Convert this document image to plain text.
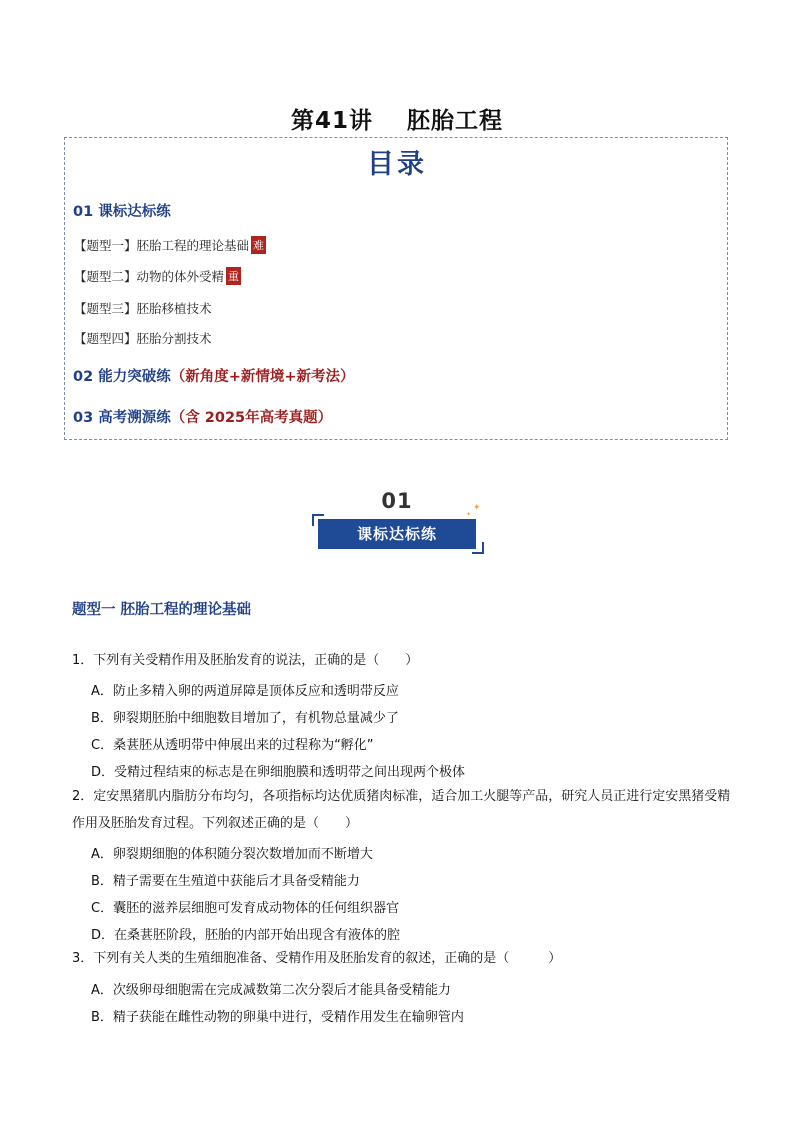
第41讲 胚胎工程
目录
01 课标达标练
【题型一】胚胎工程的理论基础 难
【题型二】动物的体外受精 重
【题型三】胚胎移植技术
【题型四】胚胎分割技术
02 能力突破练（新角度+新情境+新考法）
03 高考溯源练（含 2025年高考真题）
01
课标达标练
✦
✦
题型一 胚胎工程的理论基础
1．下列有关受精作用及胚胎发育的说法，正确的是（　　）
A．防止多精入卵的两道屏障是顶体反应和透明带反应
B．卵裂期胚胎中细胞数目增加了，有机物总量减少了
C．桑葚胚从透明带中伸展出来的过程称为“孵化”
D．受精过程结束的标志是在卵细胞膜和透明带之间出现两个极体
2．定安黑猪肌内脂肪分布均匀，各项指标均达优质猪肉标准，适合加工火腿等产品，研究人员正进行定安黑猪受精作用及胚胎发育过程。下列叙述正确的是（　　）
A．卵裂期细胞的体积随分裂次数增加而不断增大
B．精子需要在生殖道中获能后才具备受精能力
C．囊胚的滋养层细胞可发育成动物体的任何组织器官
D．在桑葚胚阶段，胚胎的内部开始出现含有液体的腔
3．下列有关人类的生殖细胞准备、受精作用及胚胎发育的叙述，正确的是（　　　）
A．次级卵母细胞需在完成减数第二次分裂后才能具备受精能力
B．精子获能在雌性动物的卵巢中进行，受精作用发生在输卵管内
